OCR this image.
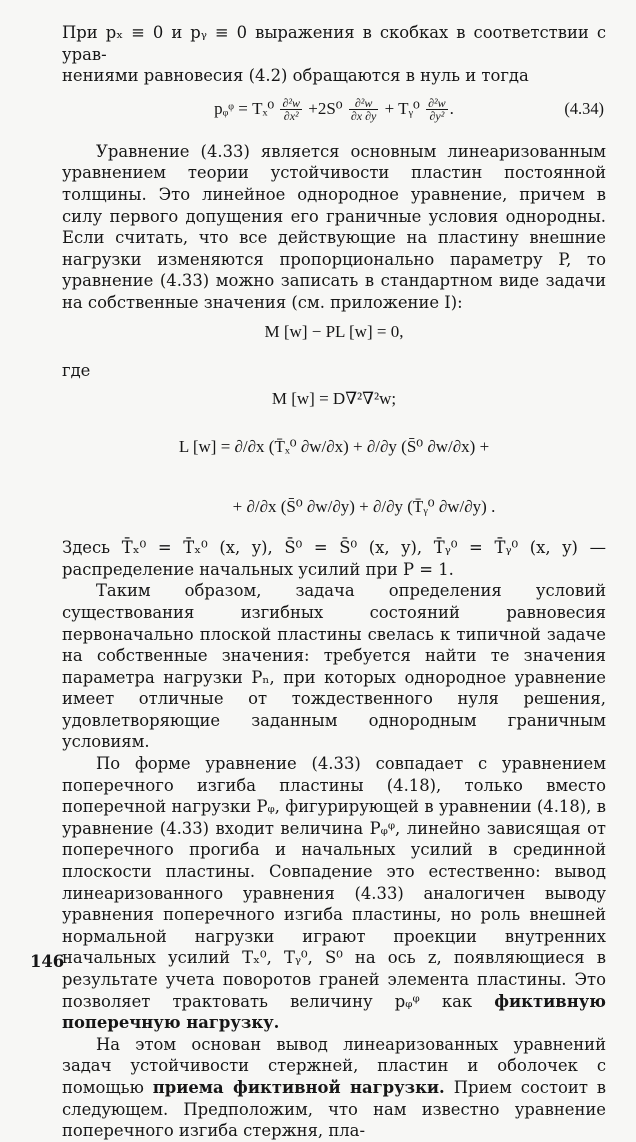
При pₓ ≡ 0 и pᵧ ≡ 0 выражения в скобках в соответствии с урав-

нениями равновесия (4.2) обращаются в нуль и тогда

pᵩᵠ = $T_x^0 \frac{\text{∂²w}}{\text{∂x²}} +2S^0 \frac{\text{∂²w}}{\partial x \partial y}$ + Tᵧ⁰ $\frac{\text{∂²w}}{\text{∂y²}}$ .	(4.34)

Уравнение (4.33) является основным линеаризованным уравнением теории устойчивости пластин постоянной толщины. Это линейное однородное уравнение, причем в силу первого допущения его граничные условия однородны. Если считать, что все действующие на пластину внешние нагрузки изменяются пропорционально параметру P, то уравнение (4.33) можно записать в стандартном виде задачи на собственные значения (см. приложение I):

M [w] − PL [w] = 0,

где

M [w] = D∇²∇²w;
L [w] = ∂/∂x (T̄ₓ⁰ ∂w/∂x) + ∂/∂y (S̄⁰ ∂w/∂x) +
+ ∂/∂x (S̄⁰ ∂w/∂y) + ∂/∂y (T̄ᵧ⁰ ∂w/∂y) .

Здесь T̄ₓ⁰ = T̄ₓ⁰ (x, y), S̄⁰ = S̄⁰ (x, y), T̄ᵧ⁰ = T̄ᵧ⁰ (x, y) — распределение начальных усилий при P = 1.

Таким образом, задача определения условий существования изгибных состояний равновесия первоначально плоской пластины свелась к типичной задаче на собственные значения: требуется найти те значения параметра нагрузки Pₙ, при которых однородное уравнение имеет отличные от тождественного нуля решения, удовлетворяющие заданным однородным граничным условиям.

По форме уравнение (4.33) совпадает с уравнением поперечного изгиба пластины (4.18), только вместо поперечной нагрузки Pᵩ, фигурирующей в уравнении (4.18), в уравнение (4.33) входит величина Pᵩᵠ, линейно зависящая от поперечного прогиба и начальных усилий в срединной плоскости пластины. Совпадение это естественно: вывод линеаризованного уравнения (4.33) аналогичен выводу уравнения поперечного изгиба пластины, но роль внешней нормальной нагрузки играют проекции внутренних начальных усилий Tₓ⁰, Tᵧ⁰, S⁰ на ось z, появляющиеся в результате учета поворотов граней элемента пластины. Это позволяет трактовать величину pᵩᵠ как фиктивную поперечную нагрузку.

На этом основан вывод линеаризованных уравнений задач устойчивости стержней, пластин и оболочек с помощью приема фиктивной нагрузки. Прием состоит в следующем. Предположим, что нам известно уравнение поперечного изгиба стержня, пла-

146
